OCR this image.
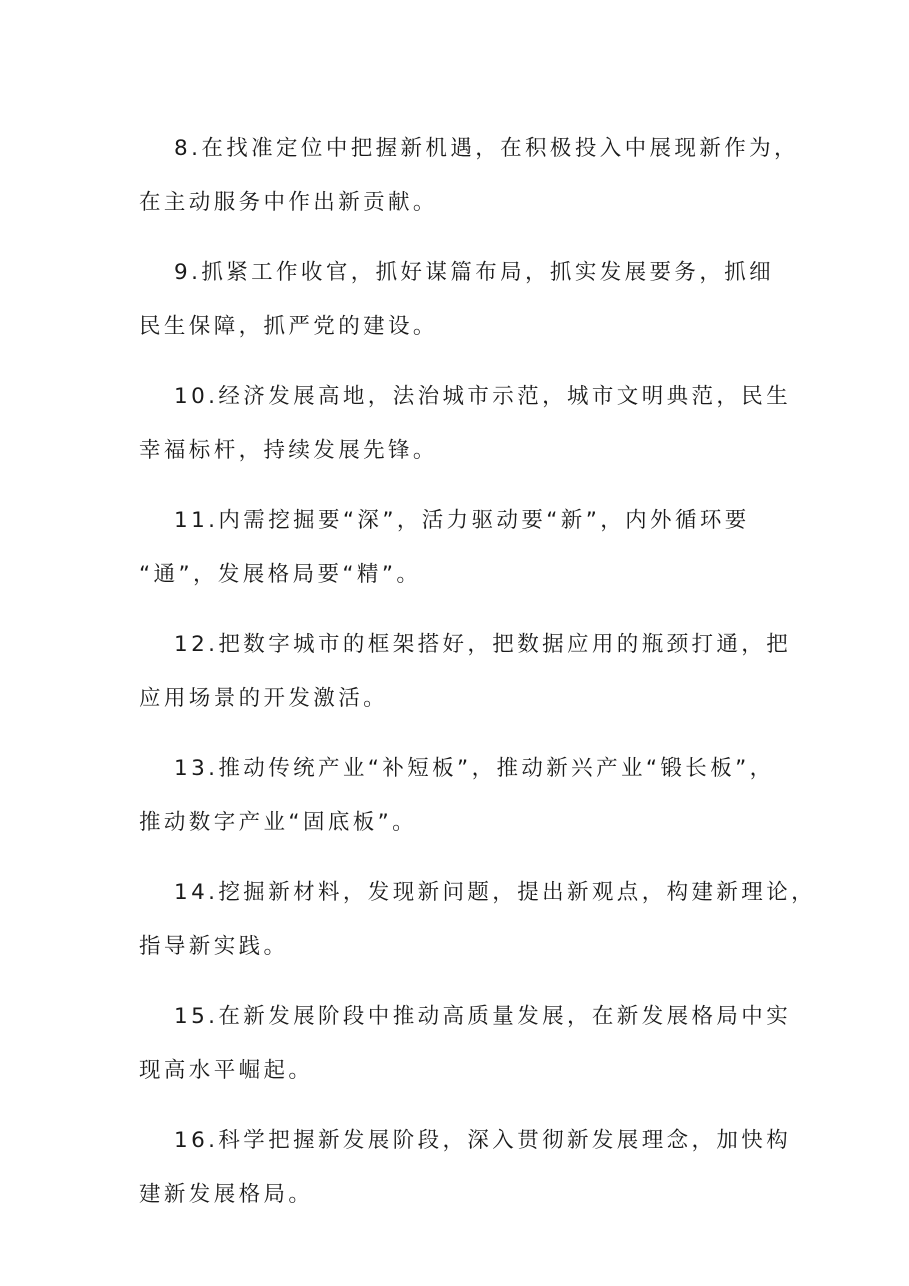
8.在找准定位中把握新机遇，在积极投入中展现新作为，
在主动服务中作出新贡献。

9.抓紧工作收官，抓好谋篇布局，抓实发展要务，抓细
民生保障，抓严党的建设。

10.经济发展高地，法治城市示范，城市文明典范，民生
幸福标杆，持续发展先锋。

11.内需挖掘要“深”，活力驱动要“新”，内外循环要
“通”，发展格局要“精”。

12.把数字城市的框架搭好，把数据应用的瓶颈打通，把
应用场景的开发激活。

13.推动传统产业“补短板”，推动新兴产业“锻长板”，
推动数字产业“固底板”。

14.挖掘新材料，发现新问题，提出新观点，构建新理论，
指导新实践。

15.在新发展阶段中推动高质量发展，在新发展格局中实
现高水平崛起。

16.科学把握新发展阶段，深入贯彻新发展理念，加快构
建新发展格局。
